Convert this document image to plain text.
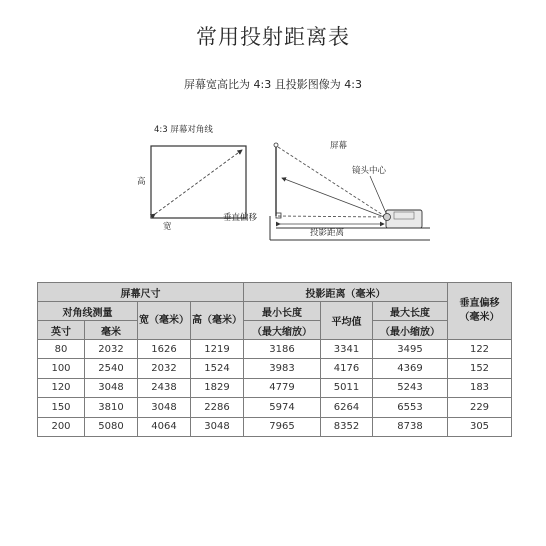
常用投射距离表
屏幕宽高比为 4:3 且投影图像为 4:3
4:3 屏幕对角线
高
宽
垂直偏移
屏幕
镜头中心
投影距离
屏幕尺寸				投影距离（毫米）			垂直偏移（毫米）
对角线测量		宽（毫米）	高（毫米）	最小长度	平均值	最大长度	
英寸	毫米			（最大缩放）		（最小缩放）	
80	2032	1626	1219	3186	3341	3495	122
100	2540	2032	1524	3983	4176	4369	152
120	3048	2438	1829	4779	5011	5243	183
150	3810	3048	2286	5974	6264	6553	229
200	5080	4064	3048	7965	8352	8738	305
